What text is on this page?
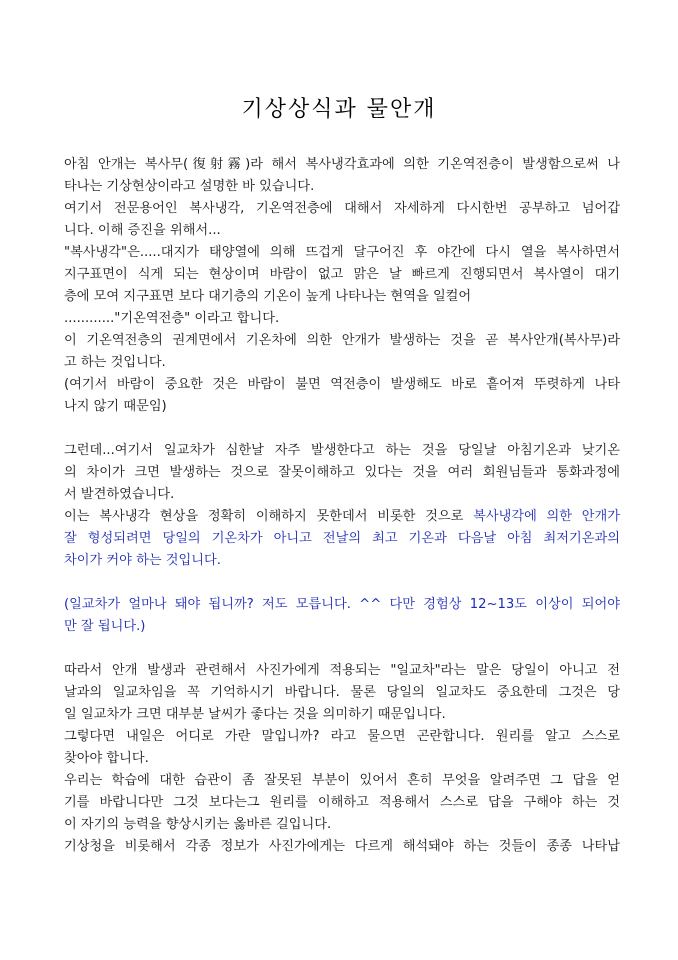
기상상식과 물안개
아침 안개는 복사무(復射霧)라 해서 복사냉각효과에 의한 기온역전층이 발생함으로써 나
타나는 기상현상이라고 설명한 바 있습니다.
여기서 전문용어인 복사냉각, 기온역전층에 대해서 자세하게 다시한번 공부하고 넘어갑
니다. 이해 증진을 위해서...
"복사냉각"은.....대지가 태양열에 의해 뜨겁게 달구어진 후 야간에 다시 열을 복사하면서
지구표면이 식게 되는 현상이며 바람이 없고 맑은 날 빠르게 진행되면서 복사열이 대기
층에 모여 지구표면 보다 대기층의 기온이 높게 나타나는 현역을 일컬어
............"기온역전층" 이라고 합니다.
이 기온역전층의 권계면에서 기온차에 의한 안개가 발생하는 것을 곧 복사안개(복사무)라
고 하는 것입니다.
(여기서 바람이 중요한 것은 바람이 불면 역전층이 발생해도 바로 흩어져 뚜렷하게 나타
나지 않기 때문임)
그런데...여기서 일교차가 심한날 자주 발생한다고 하는 것을 당일날 아침기온과 낮기온
의 차이가 크면 발생하는 것으로 잘못이해하고 있다는 것을 여러 회원님들과 통화과정에
서 발견하였습니다.
잘 형성되려면 당일의 기온차가 아니고 전날의 최고 기온과 다음날 아침 최저기온과의
차이가 커야 하는 것입니다.
(일교차가 얼마나 돼야 됩니까? 저도 모릅니다. ^^ 다만 경험상 12~13도 이상이 되어야
만 잘 됩니다.)
따라서 안개 발생과 관련해서 사진가에게 적용되는 "일교차"라는 말은 당일이 아니고 전
날과의 일교차임을 꼭 기억하시기 바랍니다. 물론 당일의 일교차도 중요한데 그것은 당
일 일교차가 크면 대부분 날씨가 좋다는 것을 의미하기 때문입니다.
그렇다면 내일은 어디로 가란 말입니까? 라고 물으면 곤란합니다. 원리를 알고 스스로
찾아야 합니다.
우리는 학습에 대한 습관이 좀 잘못된 부분이 있어서 흔히 무엇을 알려주면 그 답을 얻
기를 바랍니다만 그것 보다는그 원리를 이해하고 적용해서 스스로 답을 구해야 하는 것
이 자기의 능력을 향상시키는 옳바른 길입니다.
기상청을 비롯해서 각종 정보가 사진가에게는 다르게 해석돼야 하는 것들이 종종 나타납
이는 복사냉각 현상을 정확히 이해하지 못한데서 비롯한 것으로 복사냉각에 의한 안개가
